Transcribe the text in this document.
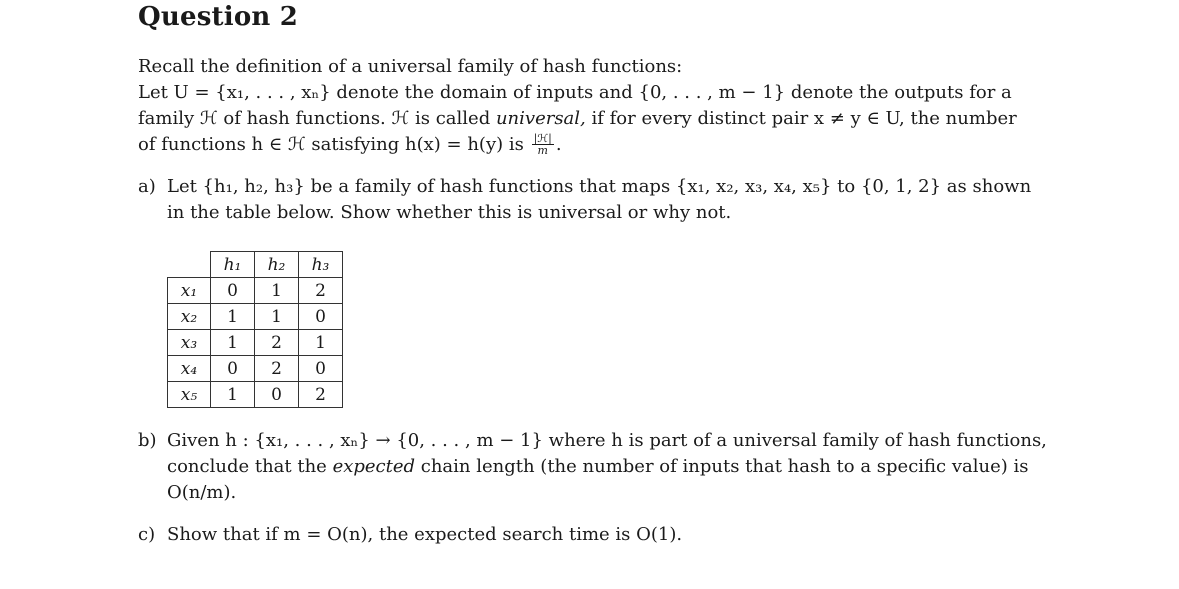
Question 2
Recall the definition of a universal family of hash functions:
Let U = {x₁, . . . , xₙ} denote the domain of inputs and {0, . . . , m − 1} denote the outputs for a
family ℋ of hash functions. ℋ is called universal, if for every distinct pair x ≠ y ∈ U, the number
of functions h ∈ ℋ satisfying h(x) = h(y) is $\frac{\text{|ℋ|}}{m}$ .
a) Let {h₁, h₂, h₃} be a family of hash functions that maps {x₁, x₂, x₃, x₄, x₅} to {0, 1, 2} as shown
in the table below. Show whether this is universal or why not.
	h₁	h₂	h₃
x₁	0	1	2
x₂	1	1	0
x₃	1	2	1
x₄	0	2	0
x₅	1	0	2
b) Given h : {x₁, . . . , xₙ} → {0, . . . , m − 1} where h is part of a universal family of hash functions,
conclude that the expected chain length (the number of inputs that hash to a specific value) is
O(n/m).
c) Show that if m = O(n), the expected search time is O(1).
